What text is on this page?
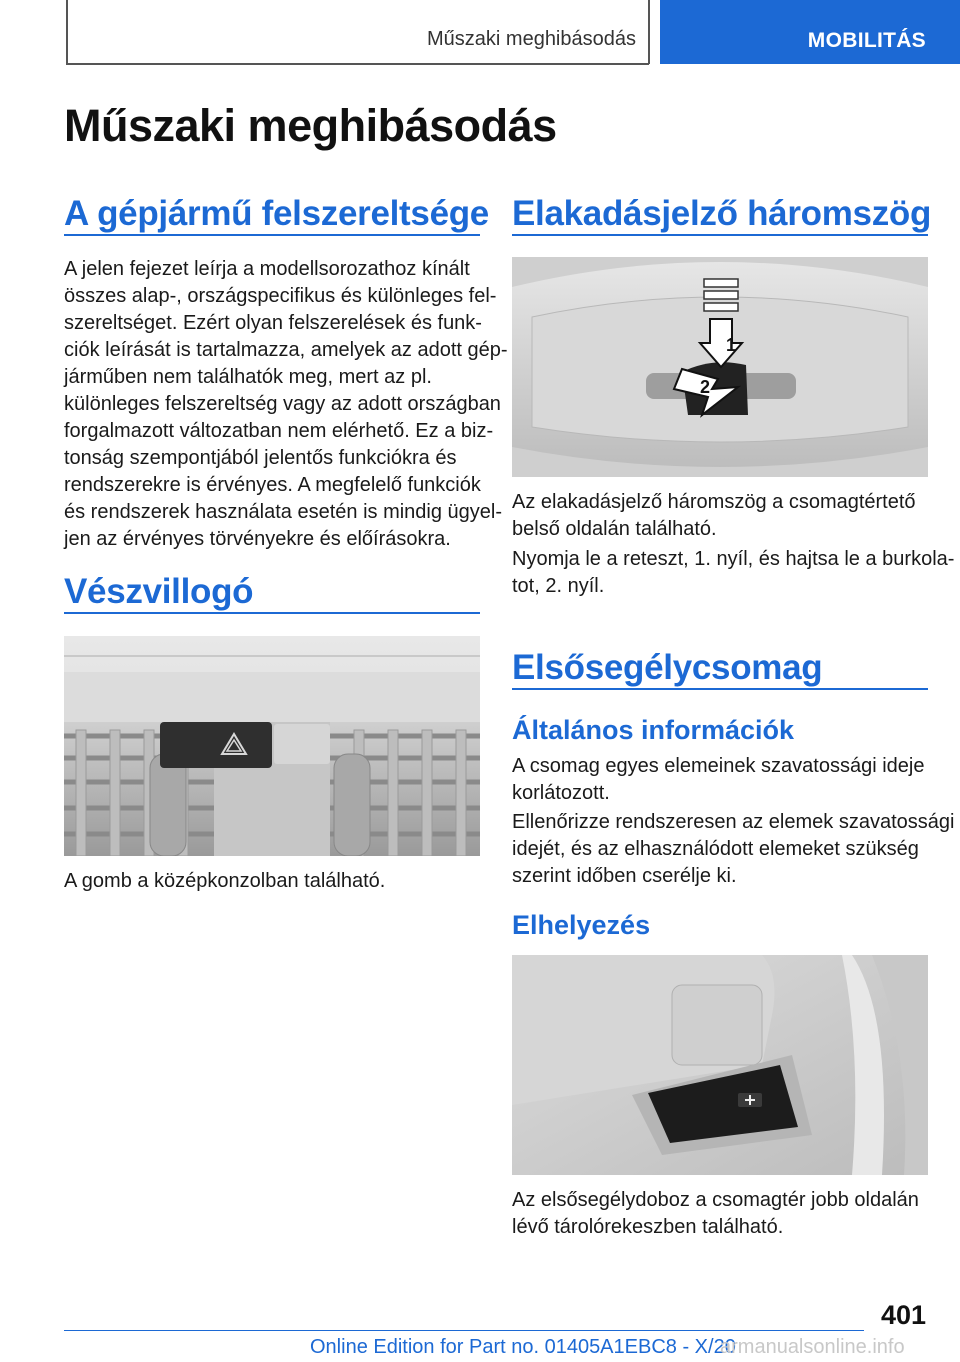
Műszaki meghibásodás	MOBILITÁS
Műszaki meghibásodás
A gépjármű felszereltsége
A jelen fejezet leírja a modellsorozathoz kínált
összes alap-, országspecifikus és különleges fel‐
szereltséget. Ezért olyan felszerelések és funk‐
ciók leírását is tartalmazza, amelyek az adott gép‐
járműben nem találhatók meg, mert az pl.
különleges felszereltség vagy az adott országban
forgalmazott változatban nem elérhető. Ez a biz‐
tonság szempontjából jelentős funkciókra és
rendszerekre is érvényes. A megfelelő funkciók
és rendszerek használata esetén is mindig ügyel‐
jen az érvényes törvényekre és előírásokra.
Vészvillogó
A gomb a középkonzolban található.
Elakadásjelző háromszög
1
2
Az elakadásjelző háromszög a csomagtértető
belső oldalán található.
Nyomja le a reteszt, 1. nyíl, és hajtsa le a burkola‐
tot, 2. nyíl.
Elsősegélycsomag
Általános információk
A csomag egyes elemeinek szavatossági ideje
korlátozott.
Ellenőrizze rendszeresen az elemek szavatossági
idejét, és az elhasználódott elemeket szükség
szerint időben cserélje ki.
Elhelyezés
Az elsősegélydoboz a csomagtér jobb oldalán
lévő tárolórekeszben található.
401
Online Edition for Part no. 01405A1EBC8 - X/20
armanualsonline.info
